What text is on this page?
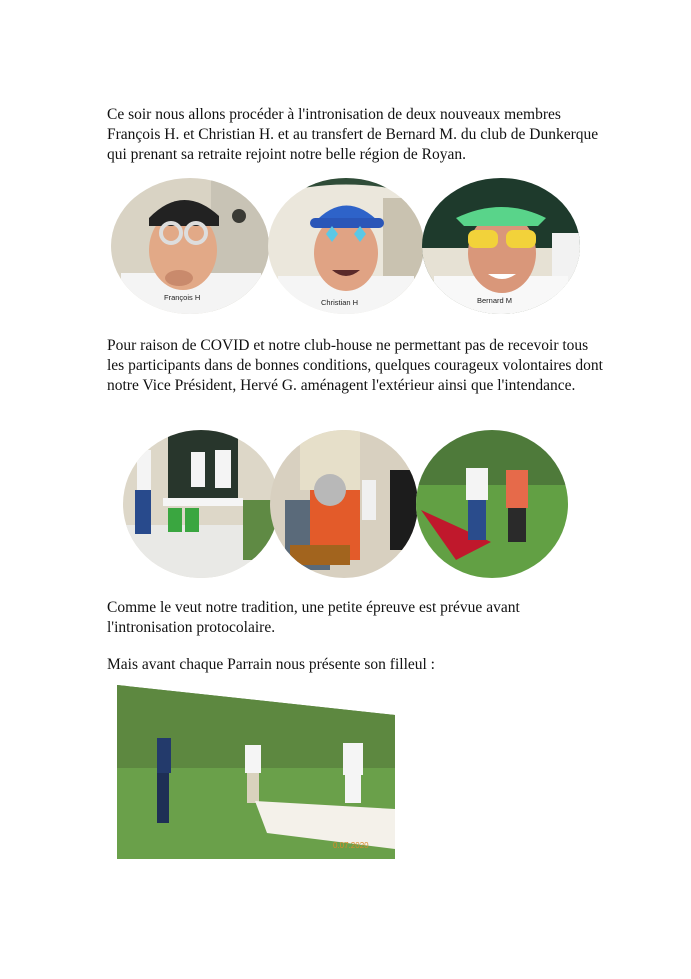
Ce soir nous allons procéder à l'intronisation de deux nouveaux membres François H. et Christian H. et au transfert de Bernard M. du club de Dunkerque qui prenant sa retraite rejoint notre belle région de Royan.

François H
Christian H	Bernard M

Pour raison de COVID et notre club-house ne permettant pas de recevoir tous les participants dans de bonnes conditions, quelques courageux volontaires dont notre Vice Président, Hervé G. aménagent l'extérieur ainsi que l'intendance.

Comme le veut notre tradition, une petite épreuve est prévue avant l'intronisation protocolaire.

Mais avant chaque Parrain nous présente son filleul :

0.07.2020
